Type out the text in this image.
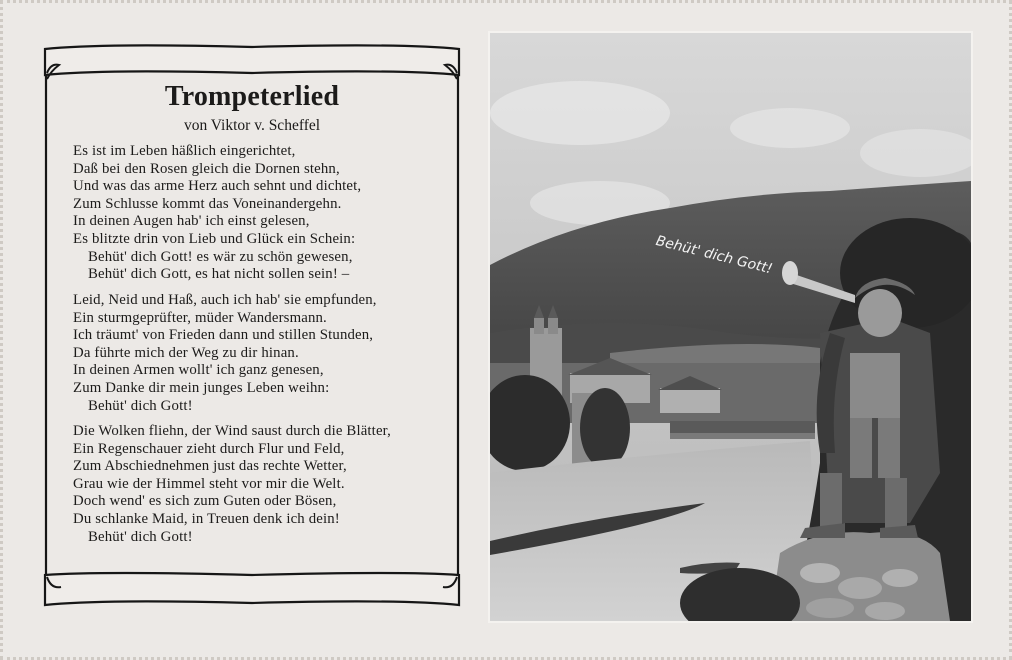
Trompeterlied
von Viktor v. Scheffel
Es ist im Leben häßlich eingerichtet,
Daß bei den Rosen gleich die Dornen stehn,
Und was das arme Herz auch sehnt und dichtet,
Zum Schlusse kommt das Voneinandergehn.
In deinen Augen hab' ich einst gelesen,
Es blitzte drin von Lieb und Glück ein Schein:
Behüt' dich Gott! es wär zu schön gewesen,
Behüt' dich Gott, es hat nicht sollen sein! –
Leid, Neid und Haß, auch ich hab' sie empfunden,
Ein sturmgeprüfter, müder Wandersmann.
Ich träumt' von Frieden dann und stillen Stunden,
Da führte mich der Weg zu dir hinan.
In deinen Armen wollt' ich ganz genesen,
Zum Danke dir mein junges Leben weihn:
Behüt' dich Gott!
Die Wolken fliehn, der Wind saust durch die Blätter,
Ein Regenschauer zieht durch Flur und Feld,
Zum Abschiednehmen just das rechte Wetter,
Grau wie der Himmel steht vor mir die Welt.
Doch wend' es sich zum Guten oder Bösen,
Du schlanke Maid, in Treuen denk ich dein!
Behüt' dich Gott!
Behüt' dich Gott!
